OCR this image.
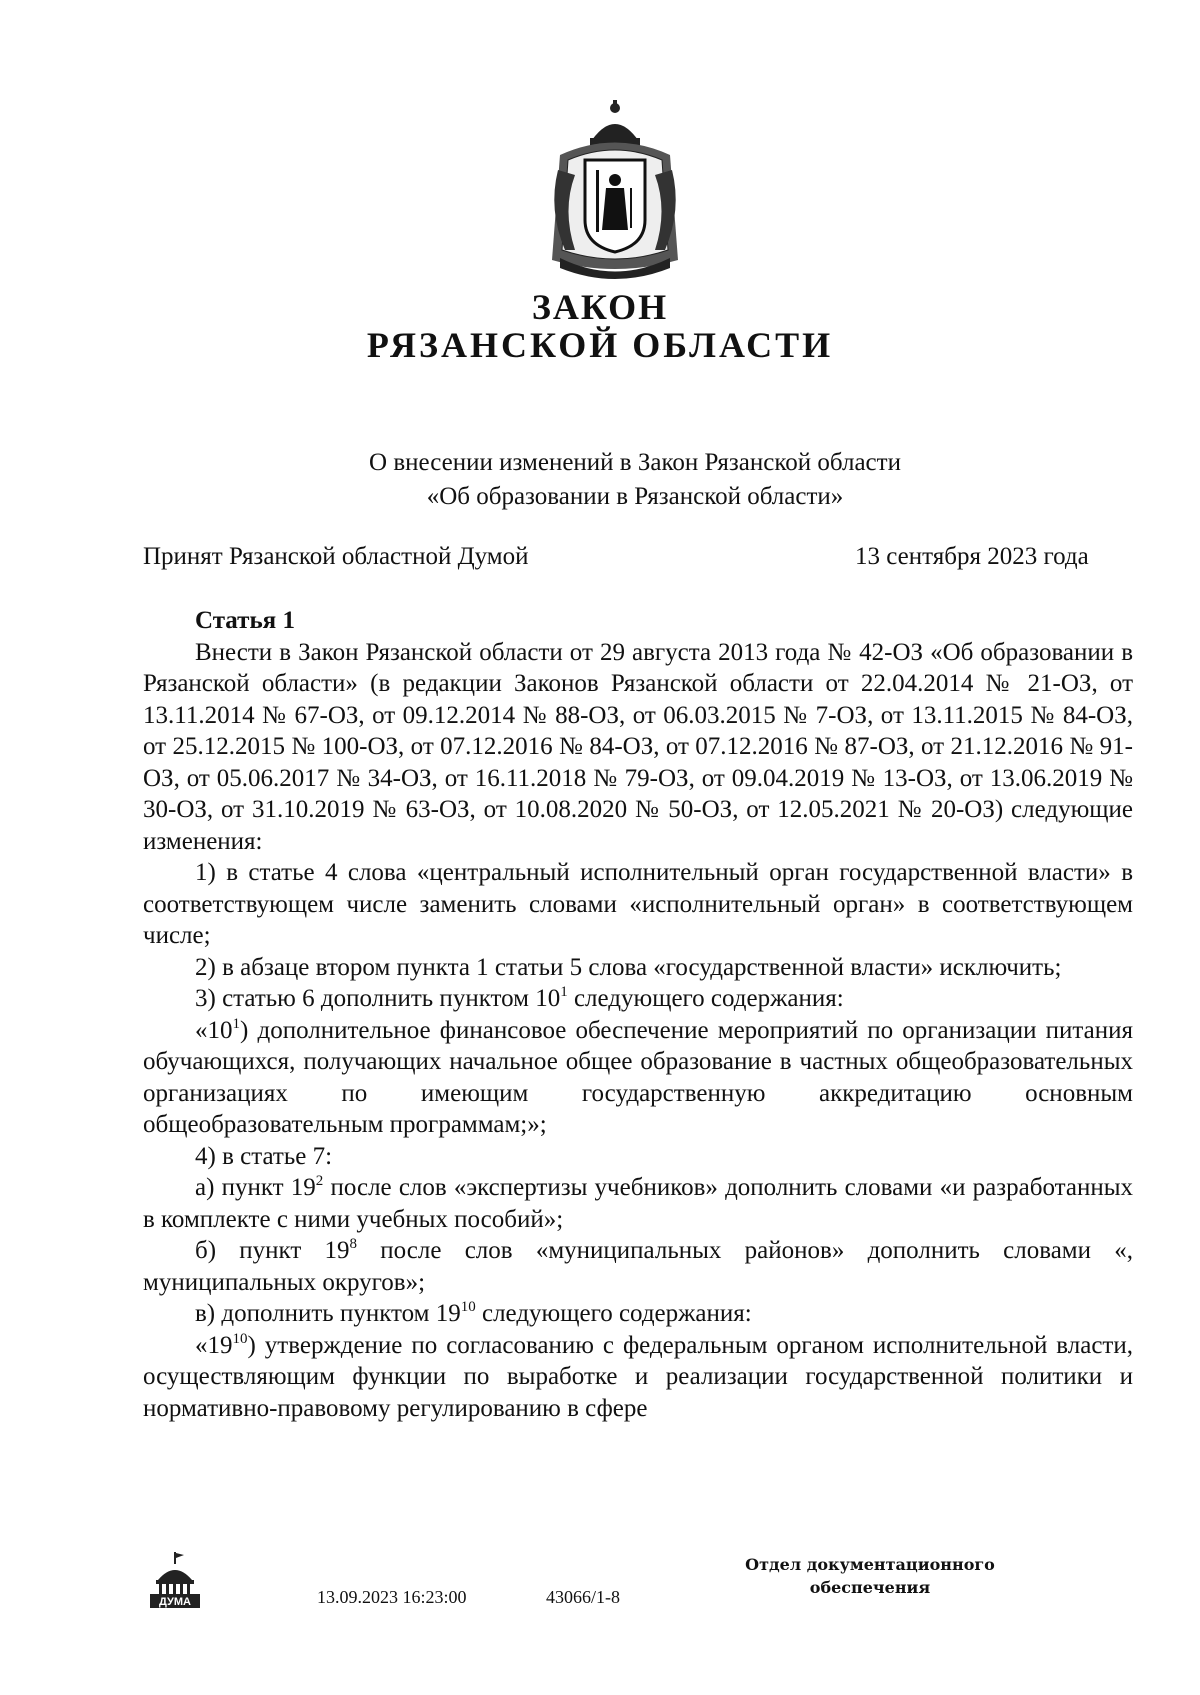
ЗАКОН
РЯЗАНСКОЙ ОБЛАСТИ
О внесении изменений в Закон Рязанской области
«Об образовании в Рязанской области»
Принят Рязанской областной Думой	13 сентября 2023 года
Статья 1
Внести в Закон Рязанской области от 29 августа 2013 года № 42-ОЗ «Об образовании в Рязанской области» (в редакции Законов Рязанской области от 22.04.2014 № 21-ОЗ, от 13.11.2014 № 67-ОЗ, от 09.12.2014 № 88-ОЗ, от 06.03.2015 № 7-ОЗ, от 13.11.2015 № 84-ОЗ, от 25.12.2015 № 100-ОЗ, от 07.12.2016 № 84-ОЗ, от 07.12.2016 № 87-ОЗ, от 21.12.2016 № 91-ОЗ, от 05.06.2017 № 34-ОЗ, от 16.11.2018 № 79-ОЗ, от 09.04.2019 № 13-ОЗ, от 13.06.2019 № 30-ОЗ, от 31.10.2019 № 63-ОЗ, от 10.08.2020 № 50-ОЗ, от 12.05.2021 № 20-ОЗ) следующие изменения:
1) в статье 4 слова «центральный исполнительный орган государственной власти» в соответствующем числе заменить словами «исполнительный орган» в соответствующем числе;
2) в абзаце втором пункта 1 статьи 5 слова «государственной власти» исключить;
3) статью 6 дополнить пунктом $10^1$ следующего содержания:
«$10^1$) дополнительное финансовое обеспечение мероприятий по организации питания обучающихся, получающих начальное общее образование в частных общеобразовательных организациях по имеющим государственную аккредитацию основным общеобразовательным программам;»;
4) в статье 7:
а) пункт $19^2$ после слов «экспертизы учебников» дополнить словами «и разработанных в комплекте с ними учебных пособий»;
б) пункт $19^8$ после слов «муниципальных районов» дополнить словами «, муниципальных округов»;
в) дополнить пунктом $19^{10}$ следующего содержания:
«$19^{10}$) утверждение по согласованию с федеральным органом исполнительной власти, осуществляющим функции по выработке и реализации государственной политики и нормативно-правовому регулированию в сфере
ДУМА	13.09.2023 16:23:00	43066/1-8
Отдел документационного
обеспечения
